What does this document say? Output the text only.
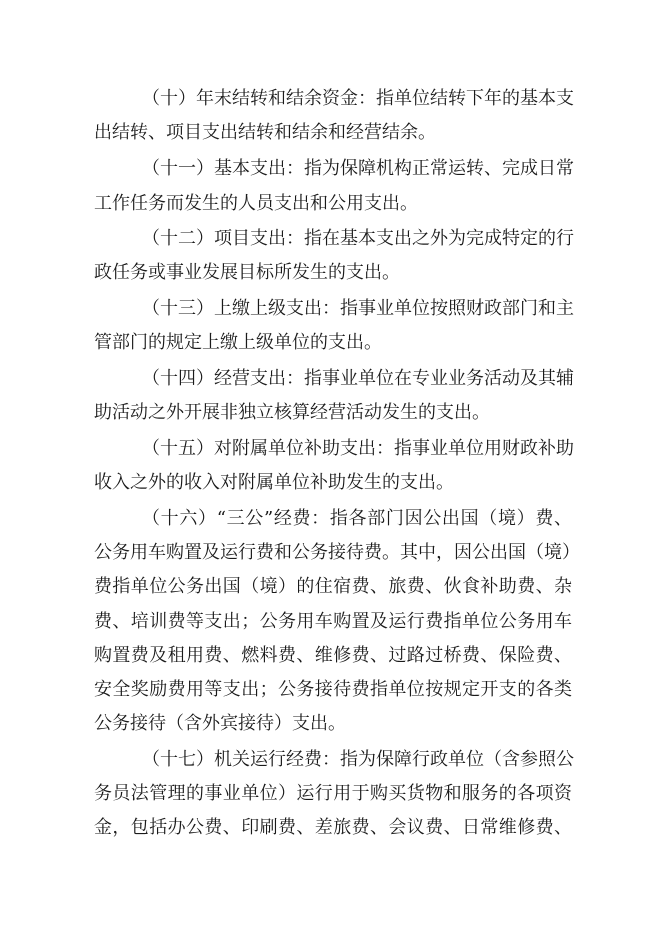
（十）年末结转和结余资金：指单位结转下年的基本支
出结转、项目支出结转和结余和经营结余。
（十一）基本支出：指为保障机构正常运转、完成日常
工作任务而发生的人员支出和公用支出。
（十二）项目支出：指在基本支出之外为完成特定的行
政任务或事业发展目标所发生的支出。
（十三）上缴上级支出：指事业单位按照财政部门和主
管部门的规定上缴上级单位的支出。
（十四）经营支出：指事业单位在专业业务活动及其辅
助活动之外开展非独立核算经营活动发生的支出。
（十五）对附属单位补助支出：指事业单位用财政补助
收入之外的收入对附属单位补助发生的支出。
（十六）“三公”经费：指各部门因公出国（境）费、
公务用车购置及运行费和公务接待费。其中，因公出国（境）
费指单位公务出国（境）的住宿费、旅费、伙食补助费、杂
费、培训费等支出；公务用车购置及运行费指单位公务用车
购置费及租用费、燃料费、维修费、过路过桥费、保险费、
安全奖励费用等支出；公务接待费指单位按规定开支的各类
公务接待（含外宾接待）支出。
（十七）机关运行经费：指为保障行政单位（含参照公
务员法管理的事业单位）运行用于购买货物和服务的各项资
金，包括办公费、印刷费、差旅费、会议费、日常维修费、
